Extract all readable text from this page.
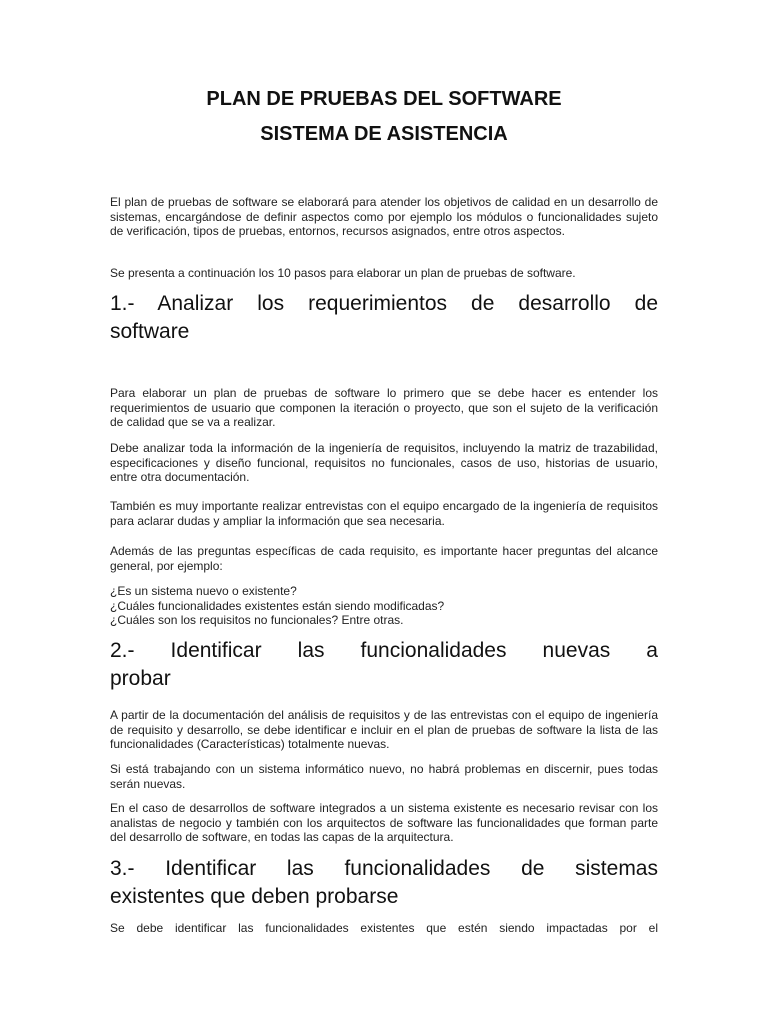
PLAN DE PRUEBAS DEL SOFTWARE
SISTEMA DE ASISTENCIA

El plan de pruebas de software se elaborará para atender los objetivos de calidad en un desarrollo de sistemas, encargándose de definir aspectos como por ejemplo los módulos o funcionalidades sujeto de verificación, tipos de pruebas, entornos, recursos asignados, entre otros aspectos.

Se presenta a continuación los 10 pasos para elaborar un plan de pruebas de software.

1.- Analizar los requerimientos de desarrollo de
software

Para elaborar un plan de pruebas de software lo primero que se debe hacer es entender los requerimientos de usuario que componen la iteración o proyecto, que son el sujeto de la verificación de calidad que se va a realizar.

Debe analizar toda la información de la ingeniería de requisitos, incluyendo la matriz de trazabilidad, especificaciones y diseño funcional, requisitos no funcionales, casos de uso, historias de usuario, entre otra documentación.

También es muy importante realizar entrevistas con el equipo encargado de la ingeniería de requisitos para aclarar dudas y ampliar la información que sea necesaria.

Además de las preguntas específicas de cada requisito, es importante hacer preguntas del alcance general, por ejemplo:

¿Es un sistema nuevo o existente?
¿Cuáles funcionalidades existentes están siendo modificadas?
¿Cuáles son los requisitos no funcionales? Entre otras.
2.- Identificar las funcionalidades nuevas a
probar

A partir de la documentación del análisis de requisitos y de las entrevistas con el equipo de ingeniería de requisito y desarrollo, se debe identificar e incluir en el plan de pruebas de software la lista de las funcionalidades (Características) totalmente nuevas.

Si está trabajando con un sistema informático nuevo, no habrá problemas en discernir, pues todas serán nuevas.

En el caso de desarrollos de software integrados a un sistema existente es necesario revisar con los analistas de negocio y también con los arquitectos de software las funcionalidades que forman parte del desarrollo de software, en todas las capas de la arquitectura.

3.- Identificar las funcionalidades de sistemas
existentes que deben probarse

Se debe identificar las funcionalidades existentes que estén siendo impactadas por el
